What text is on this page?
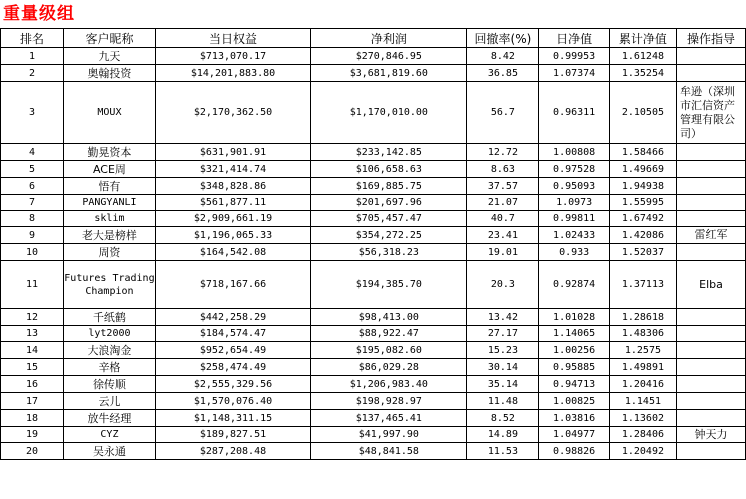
重量级组
排名	客户昵称	当日权益	净利润	回撤率(%)	日净值	累计净值	操作指导
1	九天	$713,070.17	$270,846.95	8.42	0.99953	1.61248	
2	奥翰投资	$14,201,883.80	$3,681,819.60	36.85	1.07374	1.35254	
3	MOUX	$2,170,362.50	$1,170,010.00	56.7	0.96311	2.10505	牟逊（深圳市汇信资产管理有限公司）
4	勤晃资本	$631,901.91	$233,142.85	12.72	1.00808	1.58466	
5	ACE周	$321,414.74	$106,658.63	8.63	0.97528	1.49669	
6	悟有	$348,828.86	$169,885.75	37.57	0.95093	1.94938	
7	PANGYANLI	$561,877.11	$201,697.96	21.07	1.0973	1.55995	
8	sklim	$2,909,661.19	$705,457.47	40.7	0.99811	1.67492	
9	老大是榜样	$1,196,065.33	$354,272.25	23.41	1.02433	1.42086	雷红军
10	周资	$164,542.08	$56,318.23	19.01	0.933	1.52037	
11	Futures Trading Champion	$718,167.66	$194,385.70	20.3	0.92874	1.37113	Elba
12	千纸鹤	$442,258.29	$98,413.00	13.42	1.01028	1.28618	
13	lyt2000	$184,574.47	$88,922.47	27.17	1.14065	1.48306	
14	大浪淘金	$952,654.49	$195,082.60	15.23	1.00256	1.2575	
15	辛格	$258,474.49	$86,029.28	30.14	0.95885	1.49891	
16	徐传顺	$2,555,329.56	$1,206,983.40	35.14	0.94713	1.20416	
17	云儿	$1,570,076.40	$198,928.97	11.48	1.00825	1.1451	
18	放牛经理	$1,148,311.15	$137,465.41	8.52	1.03816	1.13602	
19	CYZ	$189,827.51	$41,997.90	14.89	1.04977	1.28406	钟天力
20	吴永通	$287,208.48	$48,841.58	11.53	0.98826	1.20492	
